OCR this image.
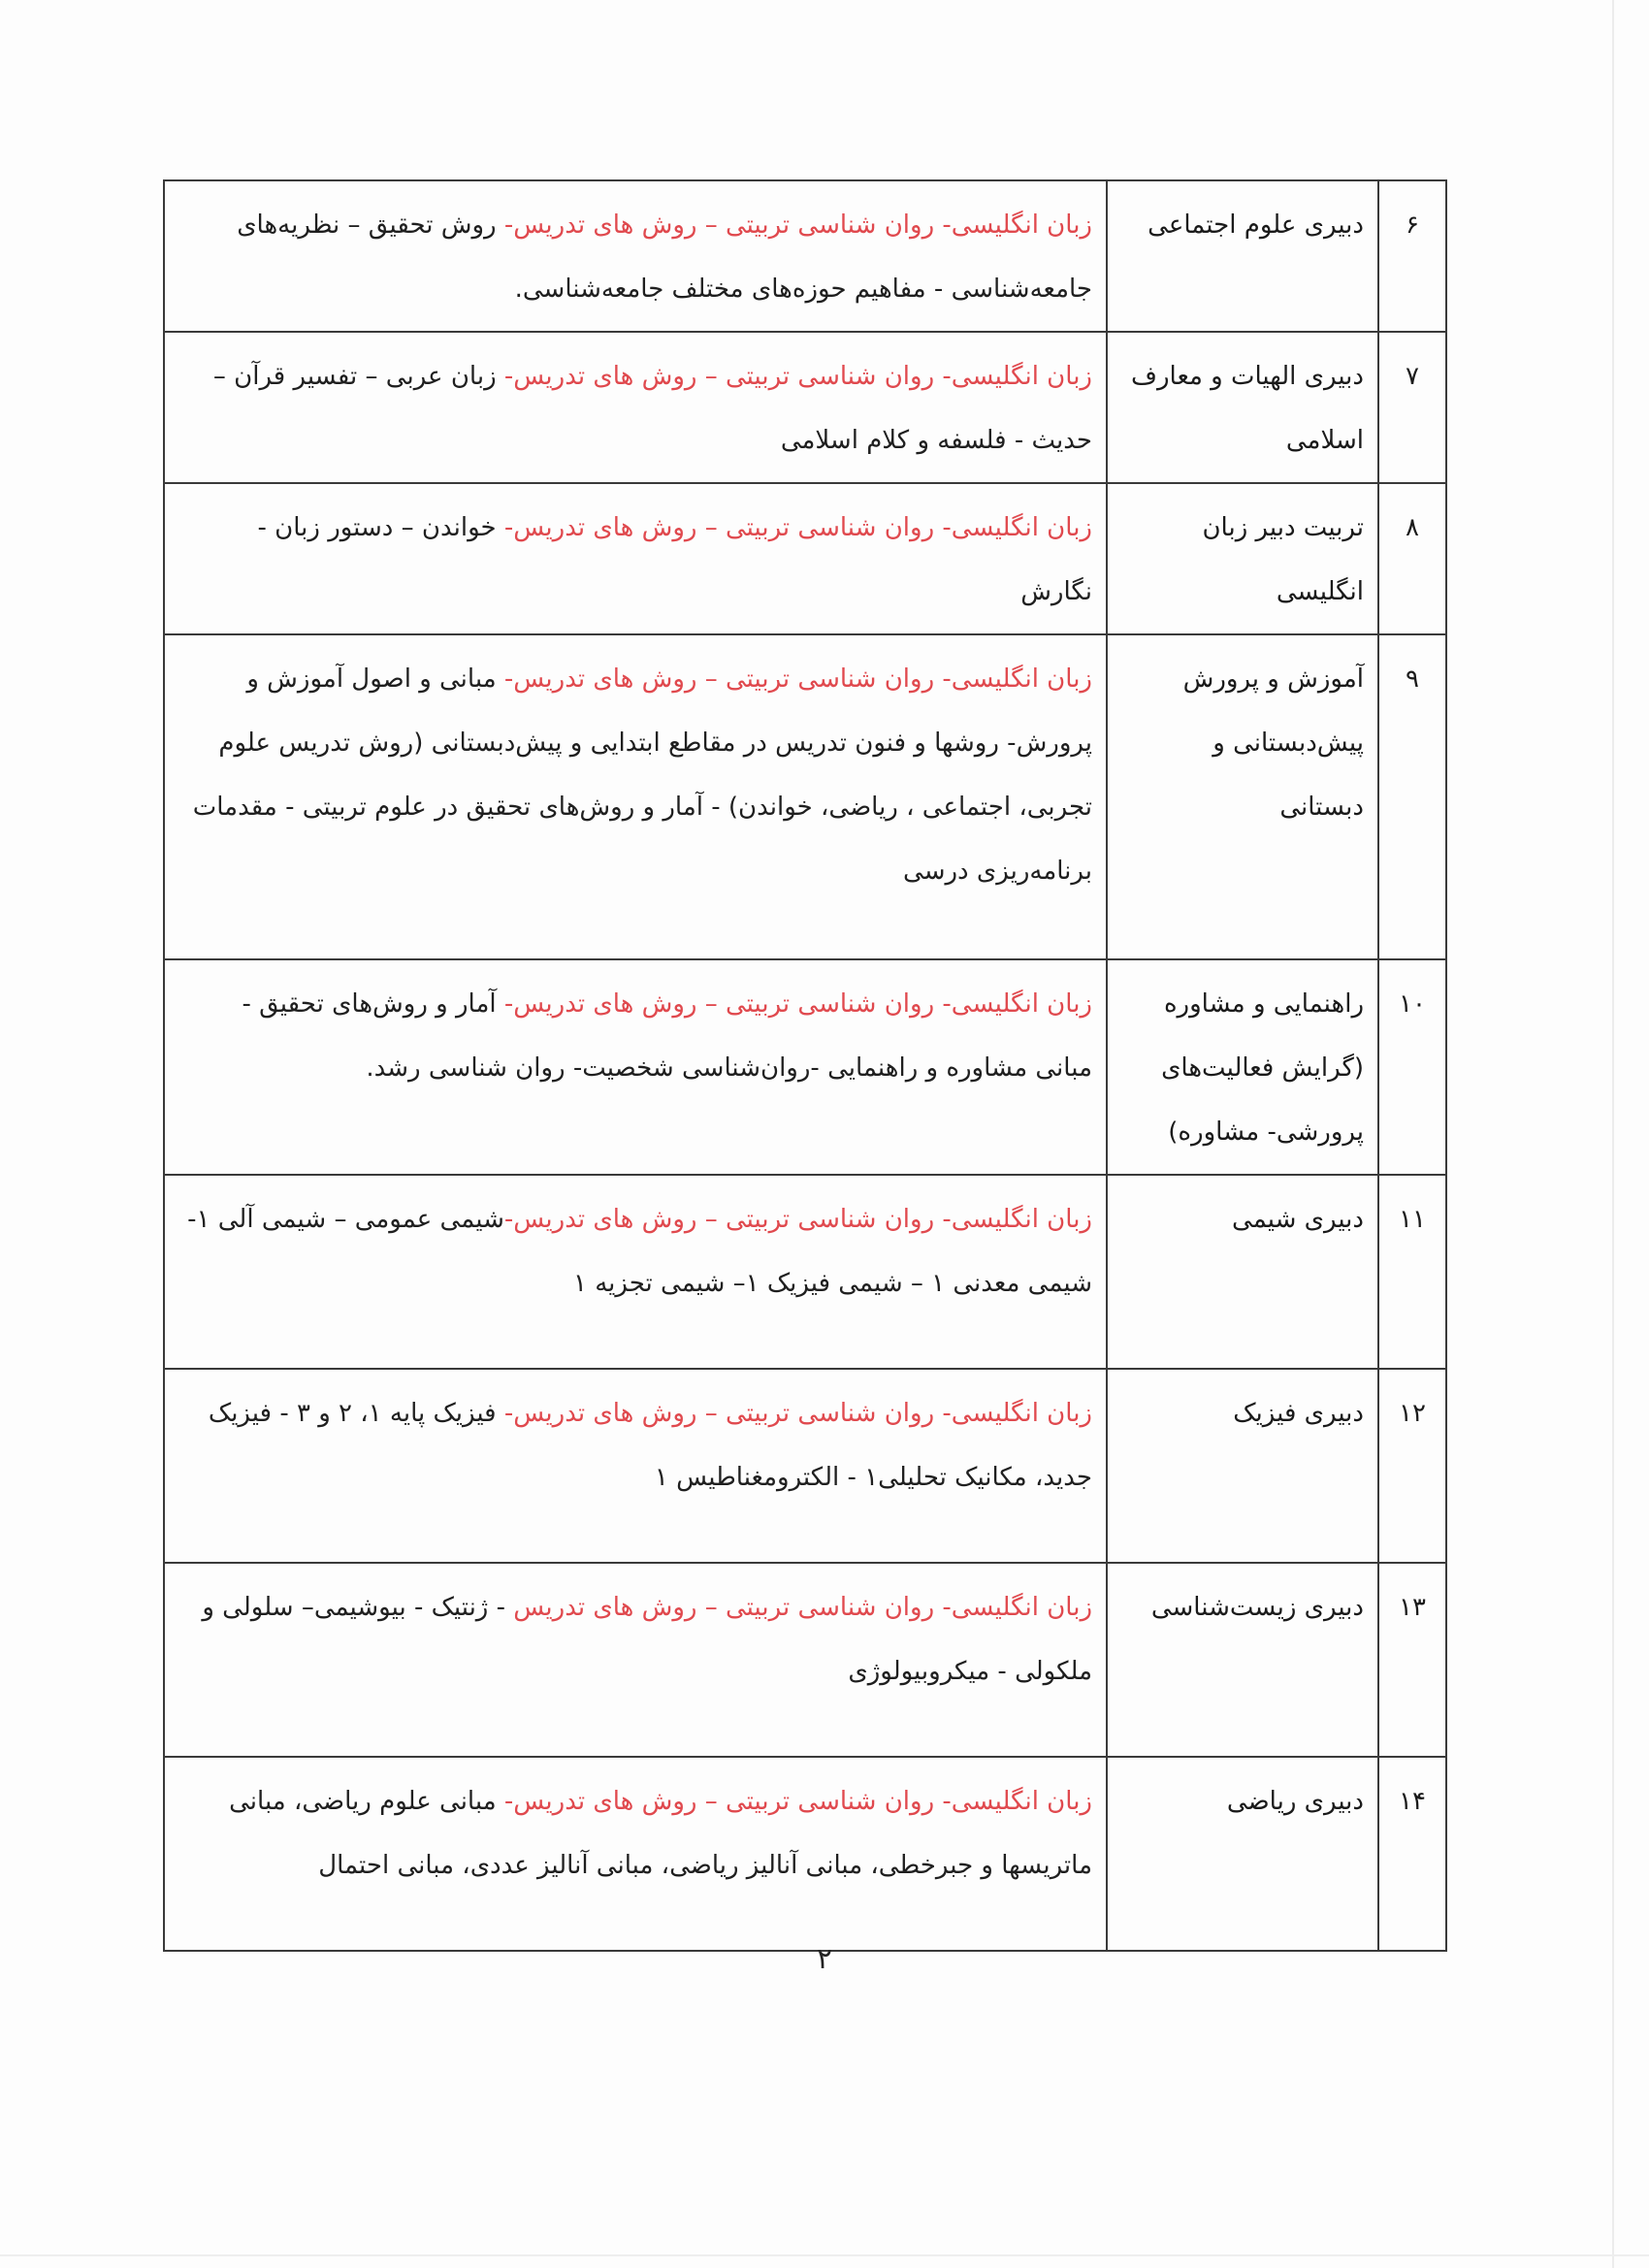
۶	دبیری علوم اجتماعی	زبان انگلیسی- روان شناسی تربیتی – روش های تدریس- روش تحقیق – نظریه‌های جامعه‌شناسی - مفاهیم حوزه‌های مختلف جامعه‌شناسی.
۷	دبیری الهیات و معارف اسلامی	زبان انگلیسی- روان شناسی تربیتی – روش های تدریس- زبان عربی – تفسیر قرآن – حدیث - فلسفه و کلام اسلامی
٨	تربیت دبیر زبان انگلیسی	زبان انگلیسی- روان شناسی تربیتی – روش های تدریس- خواندن – دستور زبان - نگارش
۹	آموزش و پرورش پیش‌دبستانی و دبستانی	زبان انگلیسی- روان شناسی تربیتی – روش های تدریس- مبانی و اصول آموزش و پرورش- روشها و فنون تدریس در مقاطع ابتدایی و پیش‌دبستانی (روش تدریس علوم تجربی، اجتماعی ، ریاضی، خواندن) - آمار و روش‌های تحقیق در علوم تربیتی - مقدمات برنامه‌ریزی درسی
١٠	راهنمایی و مشاوره (گرایش فعالیت‌های پرورشی- مشاوره)	زبان انگلیسی- روان شناسی تربیتی – روش های تدریس- آمار و روش‌های تحقیق - مبانی مشاوره و راهنمایی -روان‌شناسی شخصیت- روان شناسی رشد.
١١	دبیری شیمی	زبان انگلیسی- روان شناسی تربیتی – روش های تدریس-شیمی عمومی – شیمی آلی ١- شیمی معدنی ١ – شیمی فیزیک ١– شیمی تجزیه ١
١٢	دبیری فیزیک	زبان انگلیسی- روان شناسی تربیتی – روش های تدریس- فیزیک پایه ١، ٢ و ٣ - فیزیک جدید، مکانیک تحلیلی١ - الکترومغناطیس ١
١٣	دبیری زیست‌شناسی	زبان انگلیسی- روان شناسی تربیتی – روش های تدریس - ژنتیک - بیوشیمی– سلولی و ملکولی - میکروبیولوژی
١۴	دبیری ریاضی	زبان انگلیسی- روان شناسی تربیتی – روش های تدریس- مبانی علوم ریاضی، مبانی ماتریسها و جبرخطی، مبانی آنالیز ریاضی، مبانی آنالیز عددی، مبانی احتمال
٢
